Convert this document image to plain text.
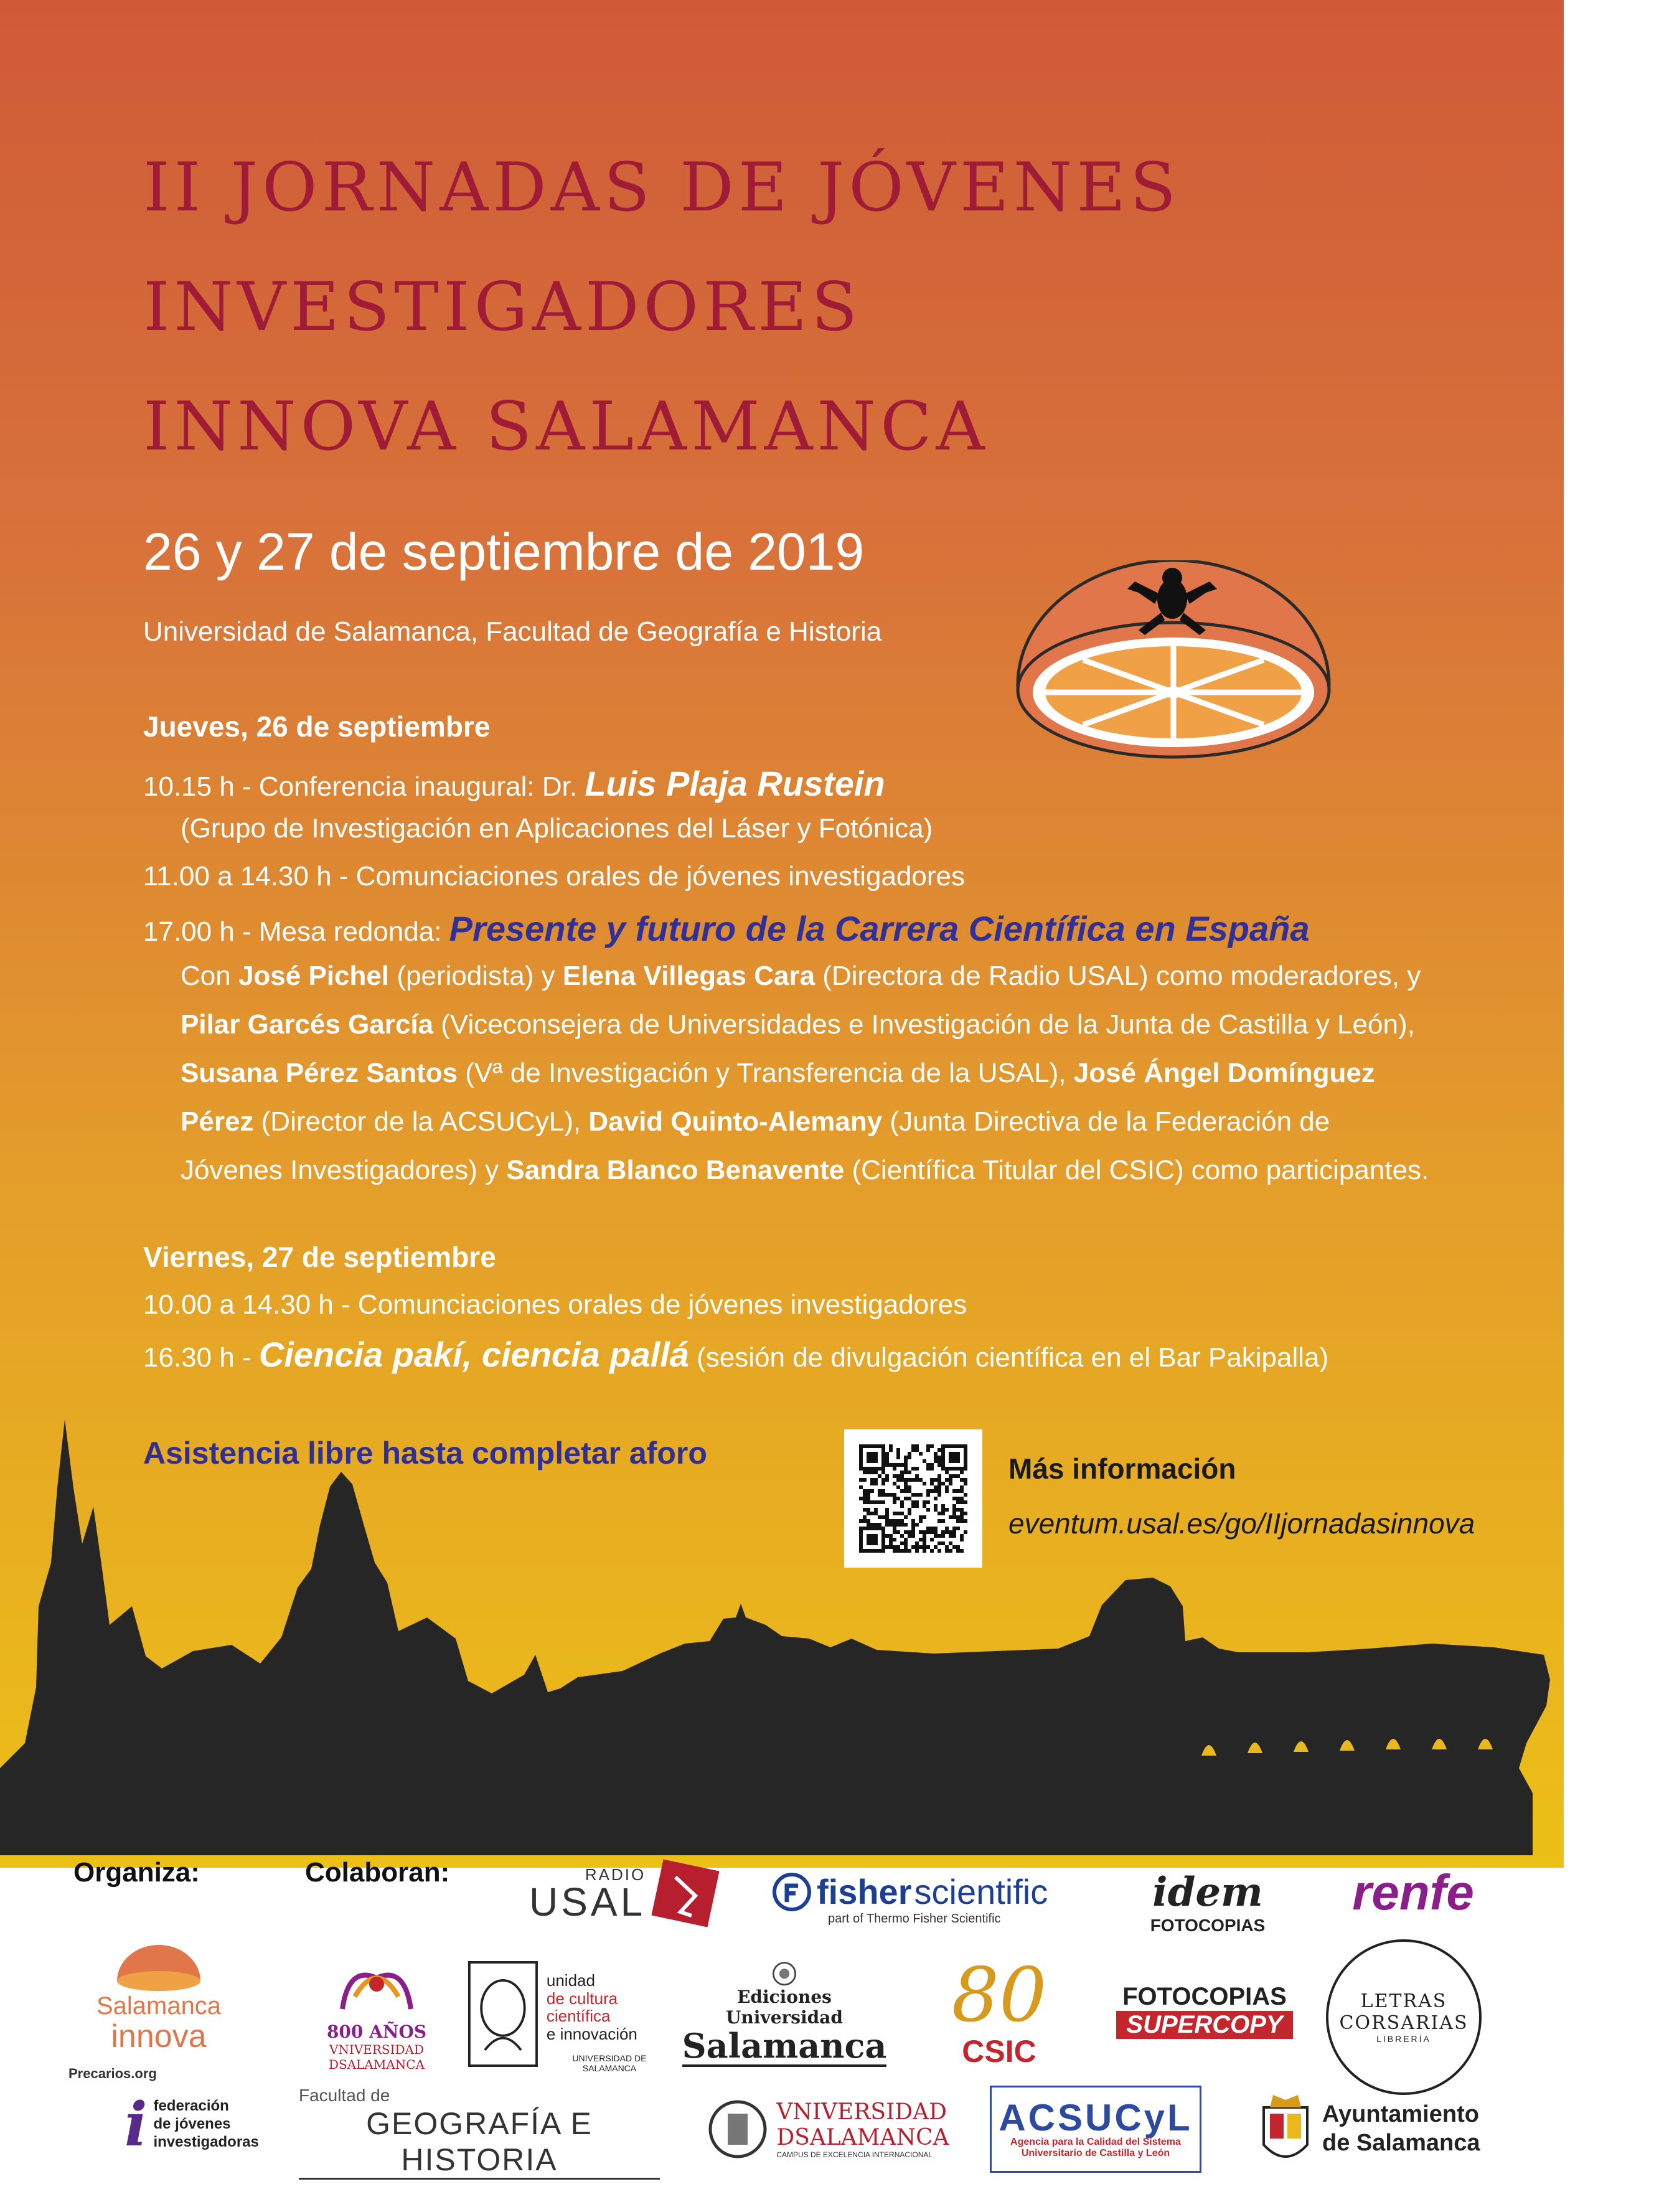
II JORNADAS DE JÓVENES
INVESTIGADORES
INNOVA SALAMANCA
26 y 27 de septiembre de 2019
Universidad de Salamanca, Facultad de Geografía e Historia
Jueves, 26 de septiembre
10.15 h - Conferencia inaugural: Dr. Luis Plaja Rustein
(Grupo de Investigación en Aplicaciones del Láser y Fotónica)
11.00 a 14.30 h - Comunciaciones orales de jóvenes investigadores
17.00 h - Mesa redonda: Presente y futuro de la Carrera Científica en España
Con José Pichel (periodista) y Elena Villegas Cara (Directora de Radio USAL) como moderadores, y
Pilar Garcés García (Viceconsejera de Universidades e Investigación de la Junta de Castilla y León),
Susana Pérez Santos (Vª de Investigación y Transferencia de la USAL), José Ángel Domínguez
Pérez (Director de la ACSUCyL), David Quinto-Alemany (Junta Directiva de la Federación de
Jóvenes Investigadores) y Sandra Blanco Benavente (Científica Titular del CSIC) como participantes.
Viernes, 27 de septiembre
10.00 a 14.30 h - Comunciaciones orales de jóvenes investigadores
16.30 h - Ciencia pakí, ciencia pallá (sesión de divulgación científica en el Bar Pakipalla)
Asistencia libre hasta completar aforo	Más información
eventum.usal.es/go/IIjornadasinnova
Organiza:	Colaboran:	RADIO
USAL	fisher scientific
part of Thermo Fisher Scientific
idem
FOTOCOPIAS
renfe
Salamanca
innova
Precarios.org
i federación
de jóvenes
investigadoras
800 AÑOS
VNIVERSIDAD
DSALAMANCA
unidad
de cultura
científica
e innovación
UNIVERSIDAD DE SALAMANCA
Ediciones Universidad
Salamanca
80
CSIC
FOTOCOPIAS
SUPERCOPY
LETRAS CORSARIAS
LIBRERÍA
Facultad de
GEOGRAFÍA E HISTORIA
VNIVERSIDAD
DSALAMANCA
CAMPUS DE EXCELENCIA INTERNACIONAL
ACSUCyL
Agencia para la Calidad del Sistema
Universitario de Castilla y León
Ayuntamiento
de Salamanca
